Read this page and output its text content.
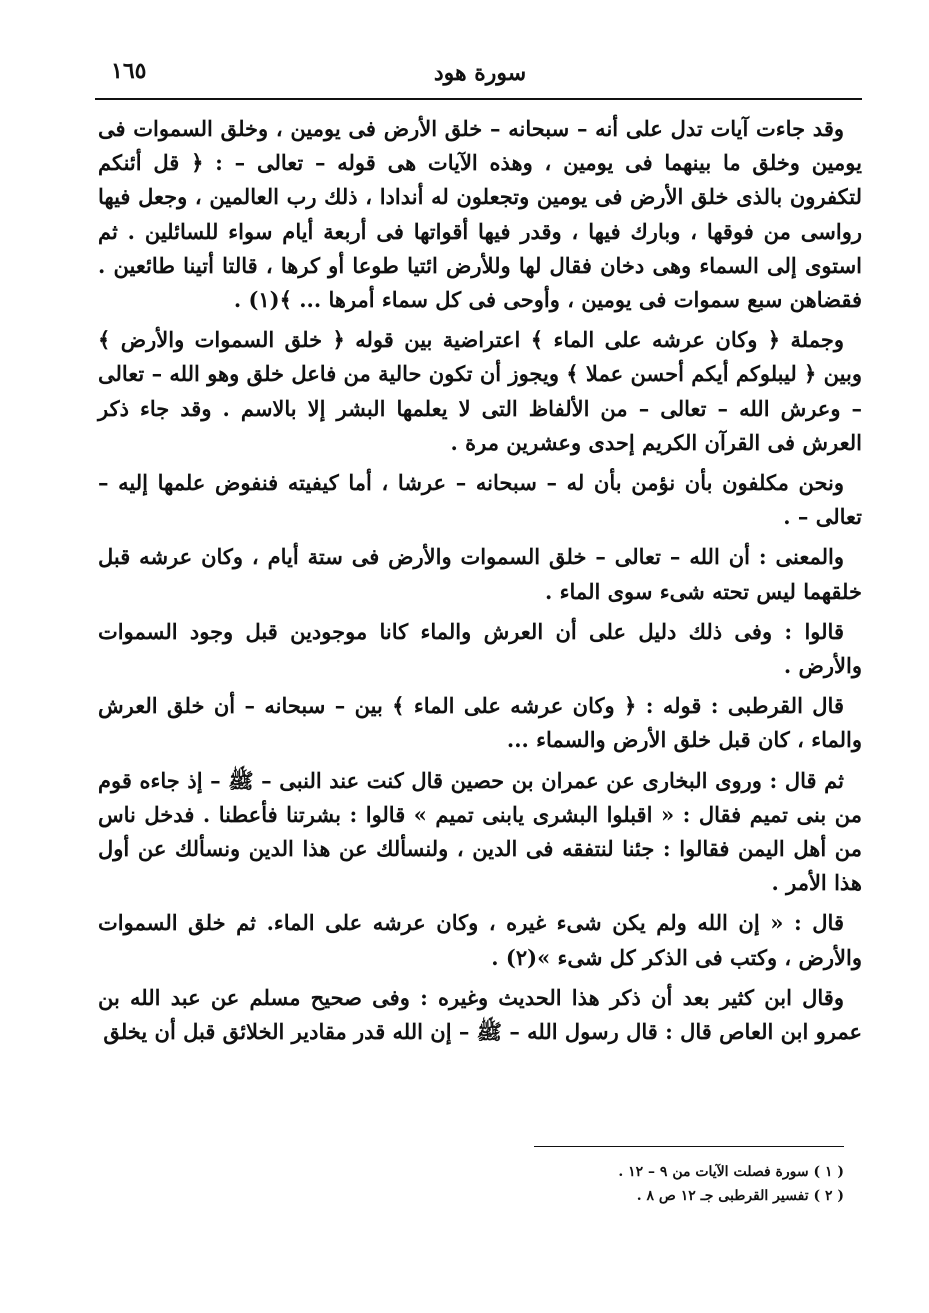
سورة هود
١٦٥

وقد جاءت آيات تدل على أنه – سبحانه – خلق الأرض فى يومين ، وخلق السموات فى يومين وخلق ما بينهما فى يومين ، وهذه الآيات هى قوله – تعالى – : ﴿ قل أئنكم لتكفرون بالذى خلق الأرض فى يومين وتجعلون له أندادا ، ذلك رب العالمين ، وجعل فيها رواسى من فوقها ، وبارك فيها ، وقدر فيها أقواتها فى أربعة أيام سواء للسائلين . ثم استوى إلى السماء وهى دخان فقال لها وللأرض ائتيا طوعا أو كرها ، قالتا أتينا طائعين . فقضاهن سبع سموات فى يومين ، وأوحى فى كل سماء أمرها ... ﴾(١) .

وجملة ﴿ وكان عرشه على الماء ﴾ اعتراضية بين قوله ﴿ خلق السموات والأرض ﴾ وبين ﴿ ليبلوكم أيكم أحسن عملا ﴾ ويجوز أن تكون حالية من فاعل خلق وهو الله – تعالى – وعرش الله – تعالى – من الألفاظ التى لا يعلمها البشر إلا بالاسم . وقد جاء ذكر العرش فى القرآن الكريم إحدى وعشرين مرة .

ونحن مكلفون بأن نؤمن بأن له – سبحانه – عرشا ، أما كيفيته فنفوض علمها إليه – تعالى – .

والمعنى : أن الله – تعالى – خلق السموات والأرض فى ستة أيام ، وكان عرشه قبل خلقهما ليس تحته شىء سوى الماء .

قالوا : وفى ذلك دليل على أن العرش والماء كانا موجودين قبل وجود السموات والأرض .

قال القرطبى : قوله : ﴿ وكان عرشه على الماء ﴾ بين – سبحانه – أن خلق العرش والماء ، كان قبل خلق الأرض والسماء ...

ثم قال : وروى البخارى عن عمران بن حصين قال كنت عند النبى – ﷺ – إذ جاءه قوم من بنى تميم فقال : « اقبلوا البشرى يابنى تميم » قالوا : بشرتنا فأعطنا . فدخل ناس من أهل اليمن فقالوا : جئنا لنتفقه فى الدين ، ولنسألك عن هذا الدين ونسألك عن أول هذا الأمر .

قال : « إن الله ولم يكن شىء غيره ، وكان عرشه على الماء. ثم خلق السموات والأرض ، وكتب فى الذكر كل شىء »(٢) .

وقال ابن كثير بعد أن ذكر هذا الحديث وغيره : وفى صحيح مسلم عن عبد الله بن عمرو ابن العاص قال : قال رسول الله – ﷺ – إن الله قدر مقادير الخلائق قبل أن يخلق

( ١ ) سورة فصلت الآيات من ٩ – ١٢ .
( ٢ ) تفسير القرطبى جـ ١٢ ص ٨ .
